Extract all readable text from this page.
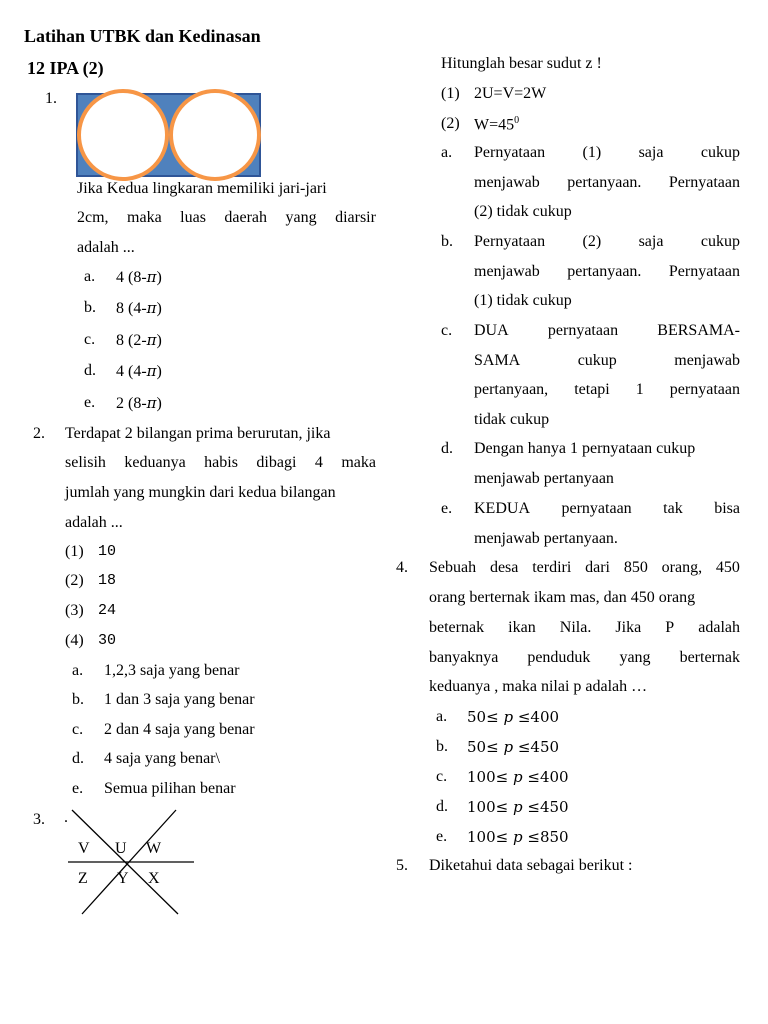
Latihan UTBK dan Kedinasan
12 IPA (2)
1.
Jika Kedua lingkaran memiliki jari-jari
2cm, maka luas daerah yang diarsir
adalah ...
a. 4 (8-π)
b. 8 (4-π)
c. 8 (2-π)
d. 4 (4-π)
e. 2 (8-π)
2. Terdapat 2 bilangan prima berurutan, jika
selisih keduanya habis dibagi 4 maka
jumlah yang mungkin dari kedua bilangan
adalah ...
(1) 10
(2) 18
(3) 24
(4) 30
a. 1,2,3 saja yang benar
b. 1 dan 3 saja yang benar
c. 2 dan 4 saja yang benar
d. 4 saja yang benar\
e. Semua pilihan benar
3. .
V U W
Z Y X
Hitunglah besar sudut z !
(1) 2U=V=2W
(2) $W=45^0$
a. Pernyataan (1) saja cukup
menjawab pertanyaan. Pernyataan
(2) tidak cukup
b. Pernyataan (2) saja cukup
menjawab pertanyaan. Pernyataan
(1) tidak cukup
c. DUA pernyataan BERSAMA-
SAMA	cukup	menjawab
pertanyaan, tetapi 1 pernyataan
tidak cukup
d. Dengan hanya 1 pernyataan cukup
menjawab pertanyaan
e. KEDUA pernyataan tak bisa
menjawab pertanyaan.
4. Sebuah desa terdiri dari 850 orang, 450
orang berternak ikam mas, dan 450 orang
beternak ikan Nila. Jika P adalah
banyaknya penduduk yang berternak
keduanya , maka nilai p adalah …
a. 50≤ p ≤400
b. 50≤ p ≤450
c. 100≤ p ≤400
d. 100≤ p ≤450
e. 100≤ p ≤850
5. Diketahui data sebagai berikut :
